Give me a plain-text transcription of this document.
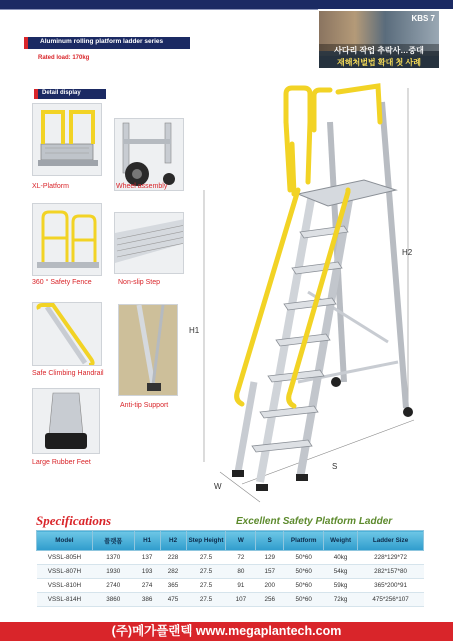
Aluminum rolling platform ladder series
Rated load: 170kg
KBS 7
사다리 작업 추락사…중대
재해처벌법 확대 첫 사례
Detail display
XL-Platform	Wheel assembly
360 ° Safety Fence	Non-slip Step
Safe Climbing Handrail
Anti-tip Support
Large Rubber Feet
H2
H1
S
W
Specifications	Excellent Safety Platform Ladder
Model	플랫폼	H1	H2	Step Height	W	S	Platform	Weight	Ladder Size
VSSL-805H	1370	137	228	27.5	72	129	50*60	40kg	228*129*72
VSSL-807H	1930	193	282	27.5	80	157	50*60	54kg	282*157*80
VSSL-810H	2740	274	365	27.5	91	200	50*60	59kg	365*200*91
VSSL-814H	3860	386	475	27.5	107	256	50*60	72kg	475*256*107
(주)메가플랜텍 www.megaplantech.com
